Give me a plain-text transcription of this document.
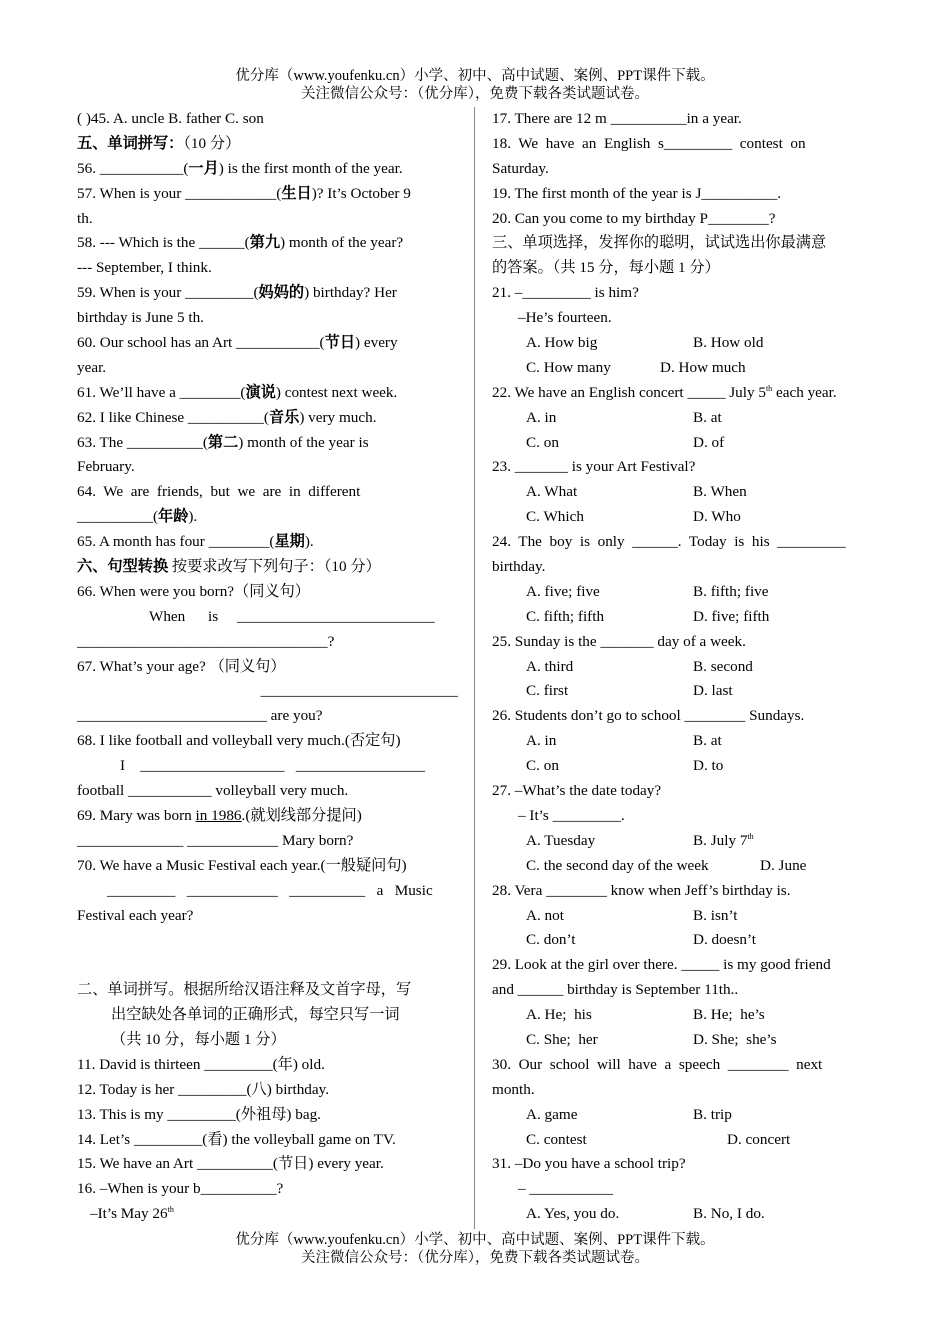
优分库（www.youfenku.cn）小学、初中、高中试题、案例、PPT课件下载。
关注微信公众号：（优分库），免费下载各类试题试卷。
( )45. A. uncle B. father C. son
五、单词拼写：（10 分）
56. ___________(一月) is the first month of the year.
57. When is your ____________(生日)? It’s October 9
th.
58. --- Which is the ______(第九) month of the year?
--- September, I think.
59. When is your _________(妈妈的) birthday? Her
birthday is June 5 th.
60. Our school has an Art ___________(节日) every
year.
61. We’ll have a ________(演说) contest next week.
62. I like Chinese __________(音乐) very much.
63. The __________(第二) month of the year is
February.
64.  We  are  friends,  but  we  are  in  different
__________(年龄).
65. A month has four ________(星期).
六、句型转换 按要求改写下列句子：（10 分）
66. When were you born?（同义句）
When      is     __________________________
_________________________________?
67. What’s your age? （同义句）
__________________________
_________________________ are you?
68. I like football and volleyball very much.(否定句)
I    ___________________   _________________
football ___________ volleyball very much.
69. Mary was born in 1986.(就划线部分提问)
______________ ____________ Mary born?
70. We have a Music Festival each year.(一般疑问句)
_________   ____________   __________   a   Music
Festival each year?
二、单词拼写。根据所给汉语注释及文首字母，写
出空缺处各单词的正确形式，每空只写一词
（共 10 分，每小题 1 分）
11. David is thirteen _________(年) old.
12. Today is her _________(八) birthday.
13. This is my _________(外祖母) bag.
14. Let’s _________(看) the volleyball game on TV.
15. We have an Art __________(节日) every year.
16. –When is your b__________?
–It’s May 26th
17. There are 12 m __________in a year.
18.  We  have  an  English  s_________  contest  on
Saturday.
19. The first month of the year is J__________.
20. Can you come to my birthday P________?
三、单项选择，发挥你的聪明，试试选出你最满意
的答案。（共 15 分，每小题 1 分）
21. –_________ is him?
–He’s fourteen.
A. How big	B. How old
C. How many	D. How much
22. We have an English concert _____ July 5th each year.
A. in	B. at
C. on	D. of
23. _______ is your Art Festival?
A. What	B. When
C. Which	D. Who
24.  The  boy  is  only  ______.  Today  is  his  _________
birthday.
A. five; five	B. fifth; five
C. fifth; fifth	D. five; fifth
25. Sunday is the _______ day of a week.
A. third	B. second
C. first	D. last
26. Students don’t go to school ________ Sundays.
A. in	B. at
C. on	D. to
27. –What’s the date today?
– It’s _________.
A. Tuesday	B. July 7th
C. the second day of the week	D. June
28. Vera ________ know when Jeff’s birthday is.
A. not	B. isn’t
C. don’t	D. doesn’t
29. Look at the girl over there. _____ is my good friend
and ______ birthday is September 11th..
A. He;  his	B. He;  he’s
C. She;  her	D. She;  she’s
30.  Our  school  will  have  a  speech  ________  next
month.
A. game	B. trip
C. contest	D. concert
31. –Do you have a school trip?
– ___________
A. Yes, you do.	B. No, I do.
优分库（www.youfenku.cn）小学、初中、高中试题、案例、PPT课件下载。
关注微信公众号：（优分库），免费下载各类试题试卷。
